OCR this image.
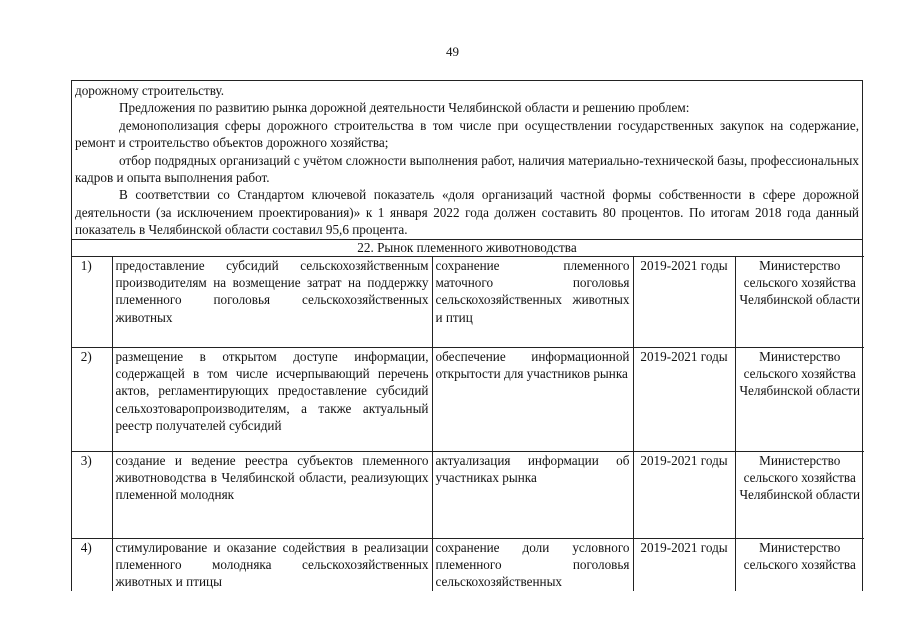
49

дорожному строительству.

Предложения по развитию рынка дорожной деятельности Челябинской области и решению проблем:

демонополизация сферы дорожного строительства в том числе при осуществлении государственных закупок на содержание, ремонт и строительство объектов дорожного хозяйства;

отбор подрядных организаций с учётом сложности выполнения работ, наличия материально-технической базы, профессиональных кадров и опыта выполнения работ.

В соответствии со Стандартом ключевой показатель «доля организаций частной формы собственности в сфере дорожной деятельности (за исключением проектирования)» к 1 января 2022 года должен составить 80 процентов. По итогам 2018 года данный показатель в Челябинской области составил 95,6 процента.

22. Рынок племенного животноводства
1)	предоставление субсидий сельскохозяйственным производителям на возмещение затрат на поддержку племенного поголовья сельскохозяйственных животных	сохранение племенного маточного поголовья сельскохозяйственных животных и птиц	2019-2021 годы	Министерство сельского хозяйства Челябинской области
2)	размещение в открытом доступе информации, содержащей в том числе исчерпывающий перечень актов, регламентирующих предоставление субсидий сельхозтоваропроизводителям, а также актуальный реестр получателей субсидий	обеспечение информационной открытости для участников рынка	2019-2021 годы	Министерство сельского хозяйства Челябинской области
3)	создание и ведение реестра субъектов племенного животноводства в Челябинской области, реализующих племенной молодняк	актуализация информации об участниках рынка	2019-2021 годы	Министерство сельского хозяйства Челябинской области
4)	стимулирование и оказание содействия в реализации племенного молодняка сельскохозяйственных животных и птицы	сохранение доли условного племенного поголовья сельскохозяйственных	2019-2021 годы	Министерство сельского хозяйства
